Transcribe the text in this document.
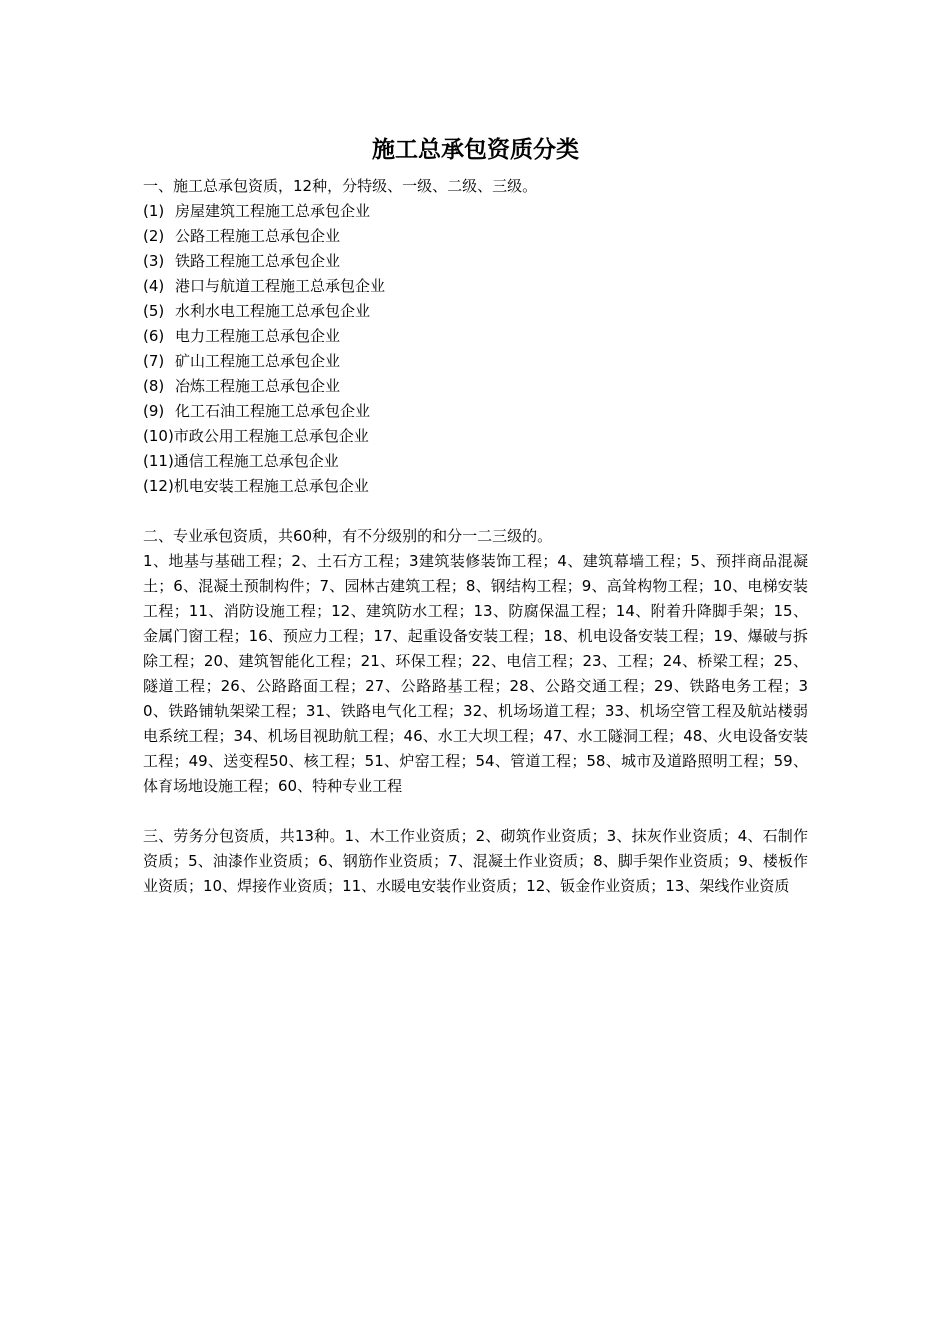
施工总承包资质分类
一、施工总承包资质，12种，分特级、一级、二级、三级。
(1) 房屋建筑工程施工总承包企业
(2) 公路工程施工总承包企业
(3) 铁路工程施工总承包企业
(4) 港口与航道工程施工总承包企业
(5) 水利水电工程施工总承包企业
(6) 电力工程施工总承包企业
(7) 矿山工程施工总承包企业
(8) 冶炼工程施工总承包企业
(9) 化工石油工程施工总承包企业
(10) 市政公用工程施工总承包企业
(11) 通信工程施工总承包企业
(12) 机电安装工程施工总承包企业
二、专业承包资质，共60种，有不分级别的和分一二三级的。
1、地基与基础工程；2、土石方工程；3建筑装修装饰工程；4、建筑幕墙工程；5、预拌商品混凝土；6、混凝土预制构件；7、园林古建筑工程；8、钢结构工程；9、高耸构物工程；10、电梯安装工程；11、消防设施工程；12、建筑防水工程；13、防腐保温工程；14、附着升降脚手架；15、金属门窗工程；16、预应力工程；17、起重设备安装工程；18、机电设备安装工程；19、爆破与拆除工程；20、建筑智能化工程；21、环保工程；22、电信工程；23、工程；24、桥梁工程；25、隧道工程；26、公路路面工程；27、公路路基工程；28、公路交通工程；29、铁路电务工程；30、铁路铺轨架梁工程；31、铁路电气化工程；32、机场场道工程；33、机场空管工程及航站楼弱电系统工程；34、机场目视助航工程；46、水工大坝工程；47、水工隧洞工程；48、火电设备安装工程；49、送变程50、核工程；51、炉窑工程；54、管道工程；58、城市及道路照明工程；59、体育场地设施工程；60、特种专业工程
三、劳务分包资质，共13种。1、木工作业资质；2、砌筑作业资质；3、抹灰作业资质；4、石制作资质；5、油漆作业资质；6、钢筋作业资质；7、混凝土作业资质；8、脚手架作业资质；9、楼板作业资质；10、焊接作业资质；11、水暖电安装作业资质；12、钣金作业资质；13、架线作业资质
